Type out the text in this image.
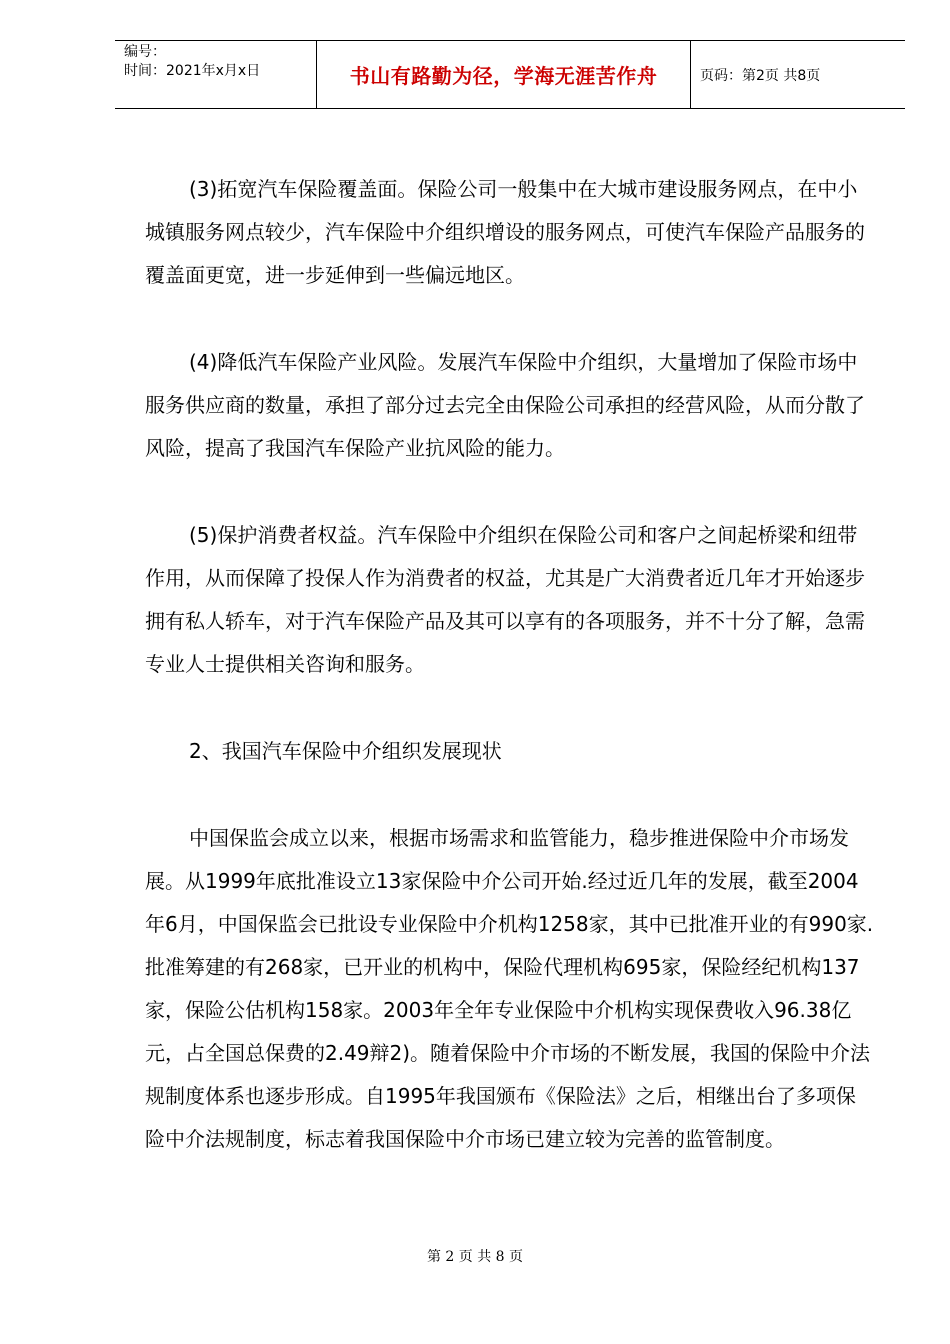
编号：
时间：2021年x月x日	书山有路勤为径，学海无涯苦作舟	页码：第2页 共8页

(3)拓宽汽车保险覆盖面。保险公司一般集中在大城市建设服务网点，在中小城镇服务网点较少，汽车保险中介组织增设的服务网点，可使汽车保险产品服务的覆盖面更宽，进一步延伸到一些偏远地区。

(4)降低汽车保险产业风险。发展汽车保险中介组织，大量增加了保险市场中服务供应商的数量，承担了部分过去完全由保险公司承担的经营风险，从而分散了风险，提高了我国汽车保险产业抗风险的能力。

(5)保护消费者权益。汽车保险中介组织在保险公司和客户之间起桥梁和纽带作用，从而保障了投保人作为消费者的权益，尤其是广大消费者近几年才开始逐步拥有私人轿车，对于汽车保险产品及其可以享有的各项服务，并不十分了解，急需专业人士提供相关咨询和服务。

2、我国汽车保险中介组织发展现状

中国保监会成立以来，根据市场需求和监管能力，稳步推进保险中介市场发展。从1999年底批准设立13家保险中介公司开始.经过近几年的发展，截至2004年6月，中国保监会已批设专业保险中介机构1258家，其中已批准开业的有990家.批准筹建的有268家，已开业的机构中，保险代理机构695家，保险经纪机构137家，保险公估机构158家。2003年全年专业保险中介机构实现保费收入96.38亿元，占全国总保费的2.49辩2)。随着保险中介市场的不断发展，我国的保险中介法规制度体系也逐步形成。自1995年我国颁布《保险法》之后，相继出台了多项保险中介法规制度，标志着我国保险中介市场已建立较为完善的监管制度。

第 2 页 共 8 页
